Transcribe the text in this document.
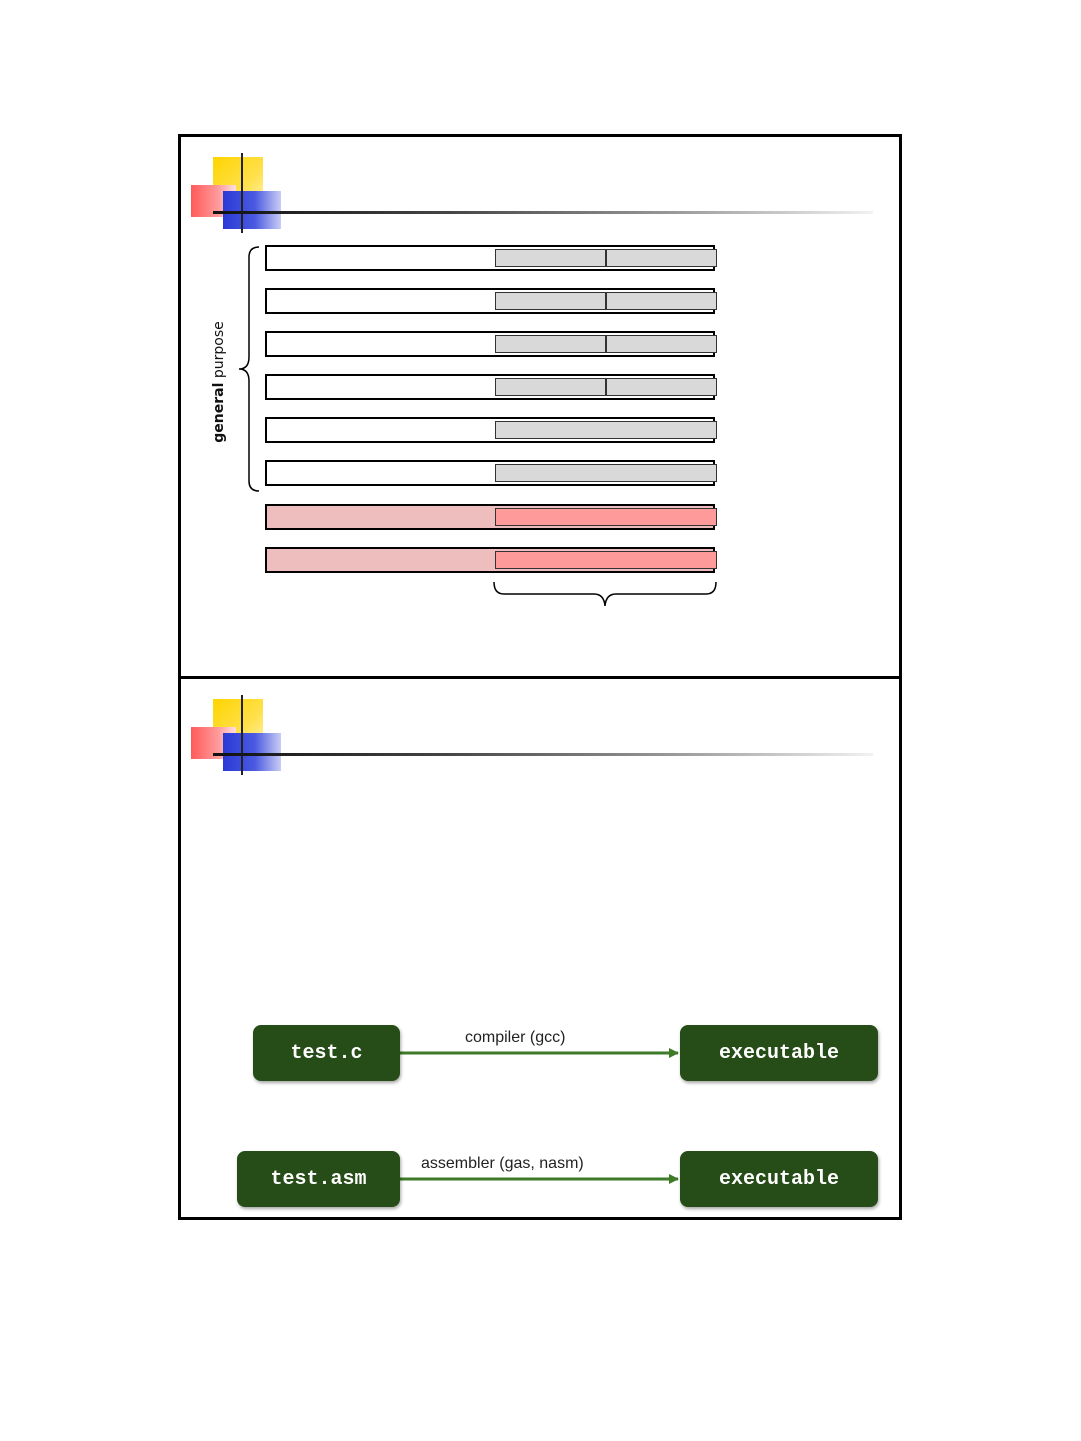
general purpose
test.c
compiler (gcc)
executable
test.asm
assembler (gas, nasm)
executable
